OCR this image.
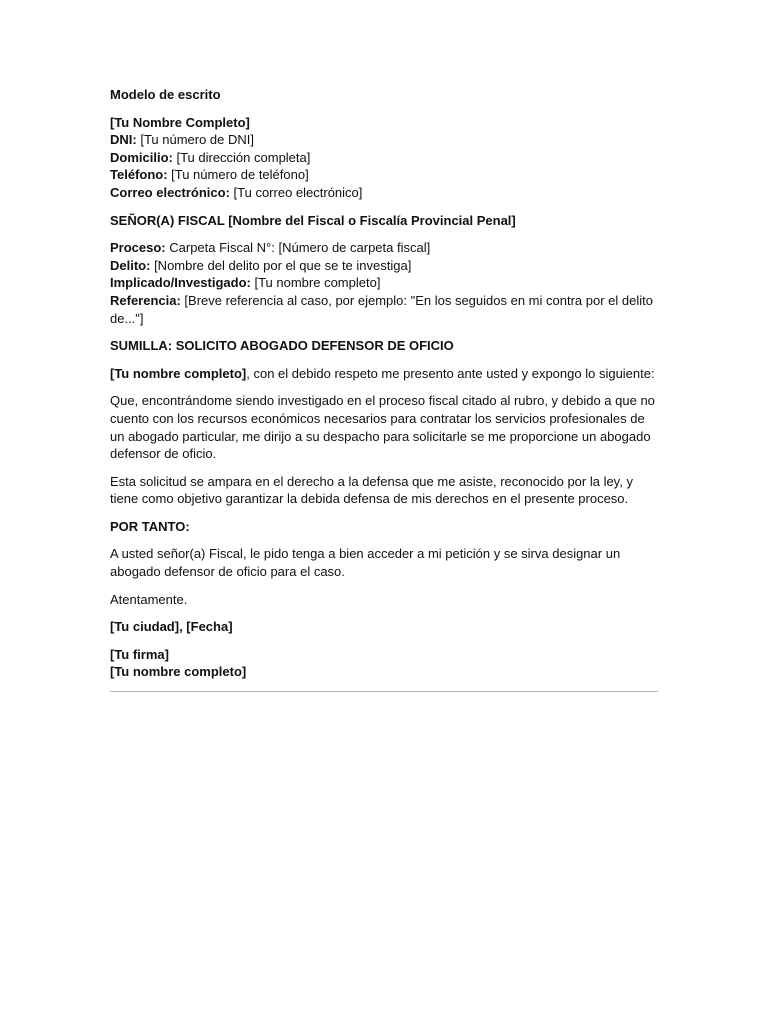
Modelo de escrito

[Tu Nombre Completo]
DNI: [Tu número de DNI]
Domicilio: [Tu dirección completa]
Teléfono: [Tu número de teléfono]
Correo electrónico: [Tu correo electrónico]

SEÑOR(A) FISCAL [Nombre del Fiscal o Fiscalía Provincial Penal]

Proceso: Carpeta Fiscal N°: [Número de carpeta fiscal]
Delito: [Nombre del delito por el que se te investiga]
Implicado/Investigado: [Tu nombre completo]
Referencia: [Breve referencia al caso, por ejemplo: "En los seguidos en mi contra por el delito de..."]

SUMILLA: SOLICITO ABOGADO DEFENSOR DE OFICIO

[Tu nombre completo], con el debido respeto me presento ante usted y expongo lo siguiente:

Que, encontrándome siendo investigado en el proceso fiscal citado al rubro, y debido a que no cuento con los recursos económicos necesarios para contratar los servicios profesionales de un abogado particular, me dirijo a su despacho para solicitarle se me proporcione un abogado defensor de oficio.

Esta solicitud se ampara en el derecho a la defensa que me asiste, reconocido por la ley, y tiene como objetivo garantizar la debida defensa de mis derechos en el presente proceso.

POR TANTO:

A usted señor(a) Fiscal, le pido tenga a bien acceder a mi petición y se sirva designar un abogado defensor de oficio para el caso.

Atentamente.

[Tu ciudad], [Fecha]

[Tu firma]
[Tu nombre completo]
